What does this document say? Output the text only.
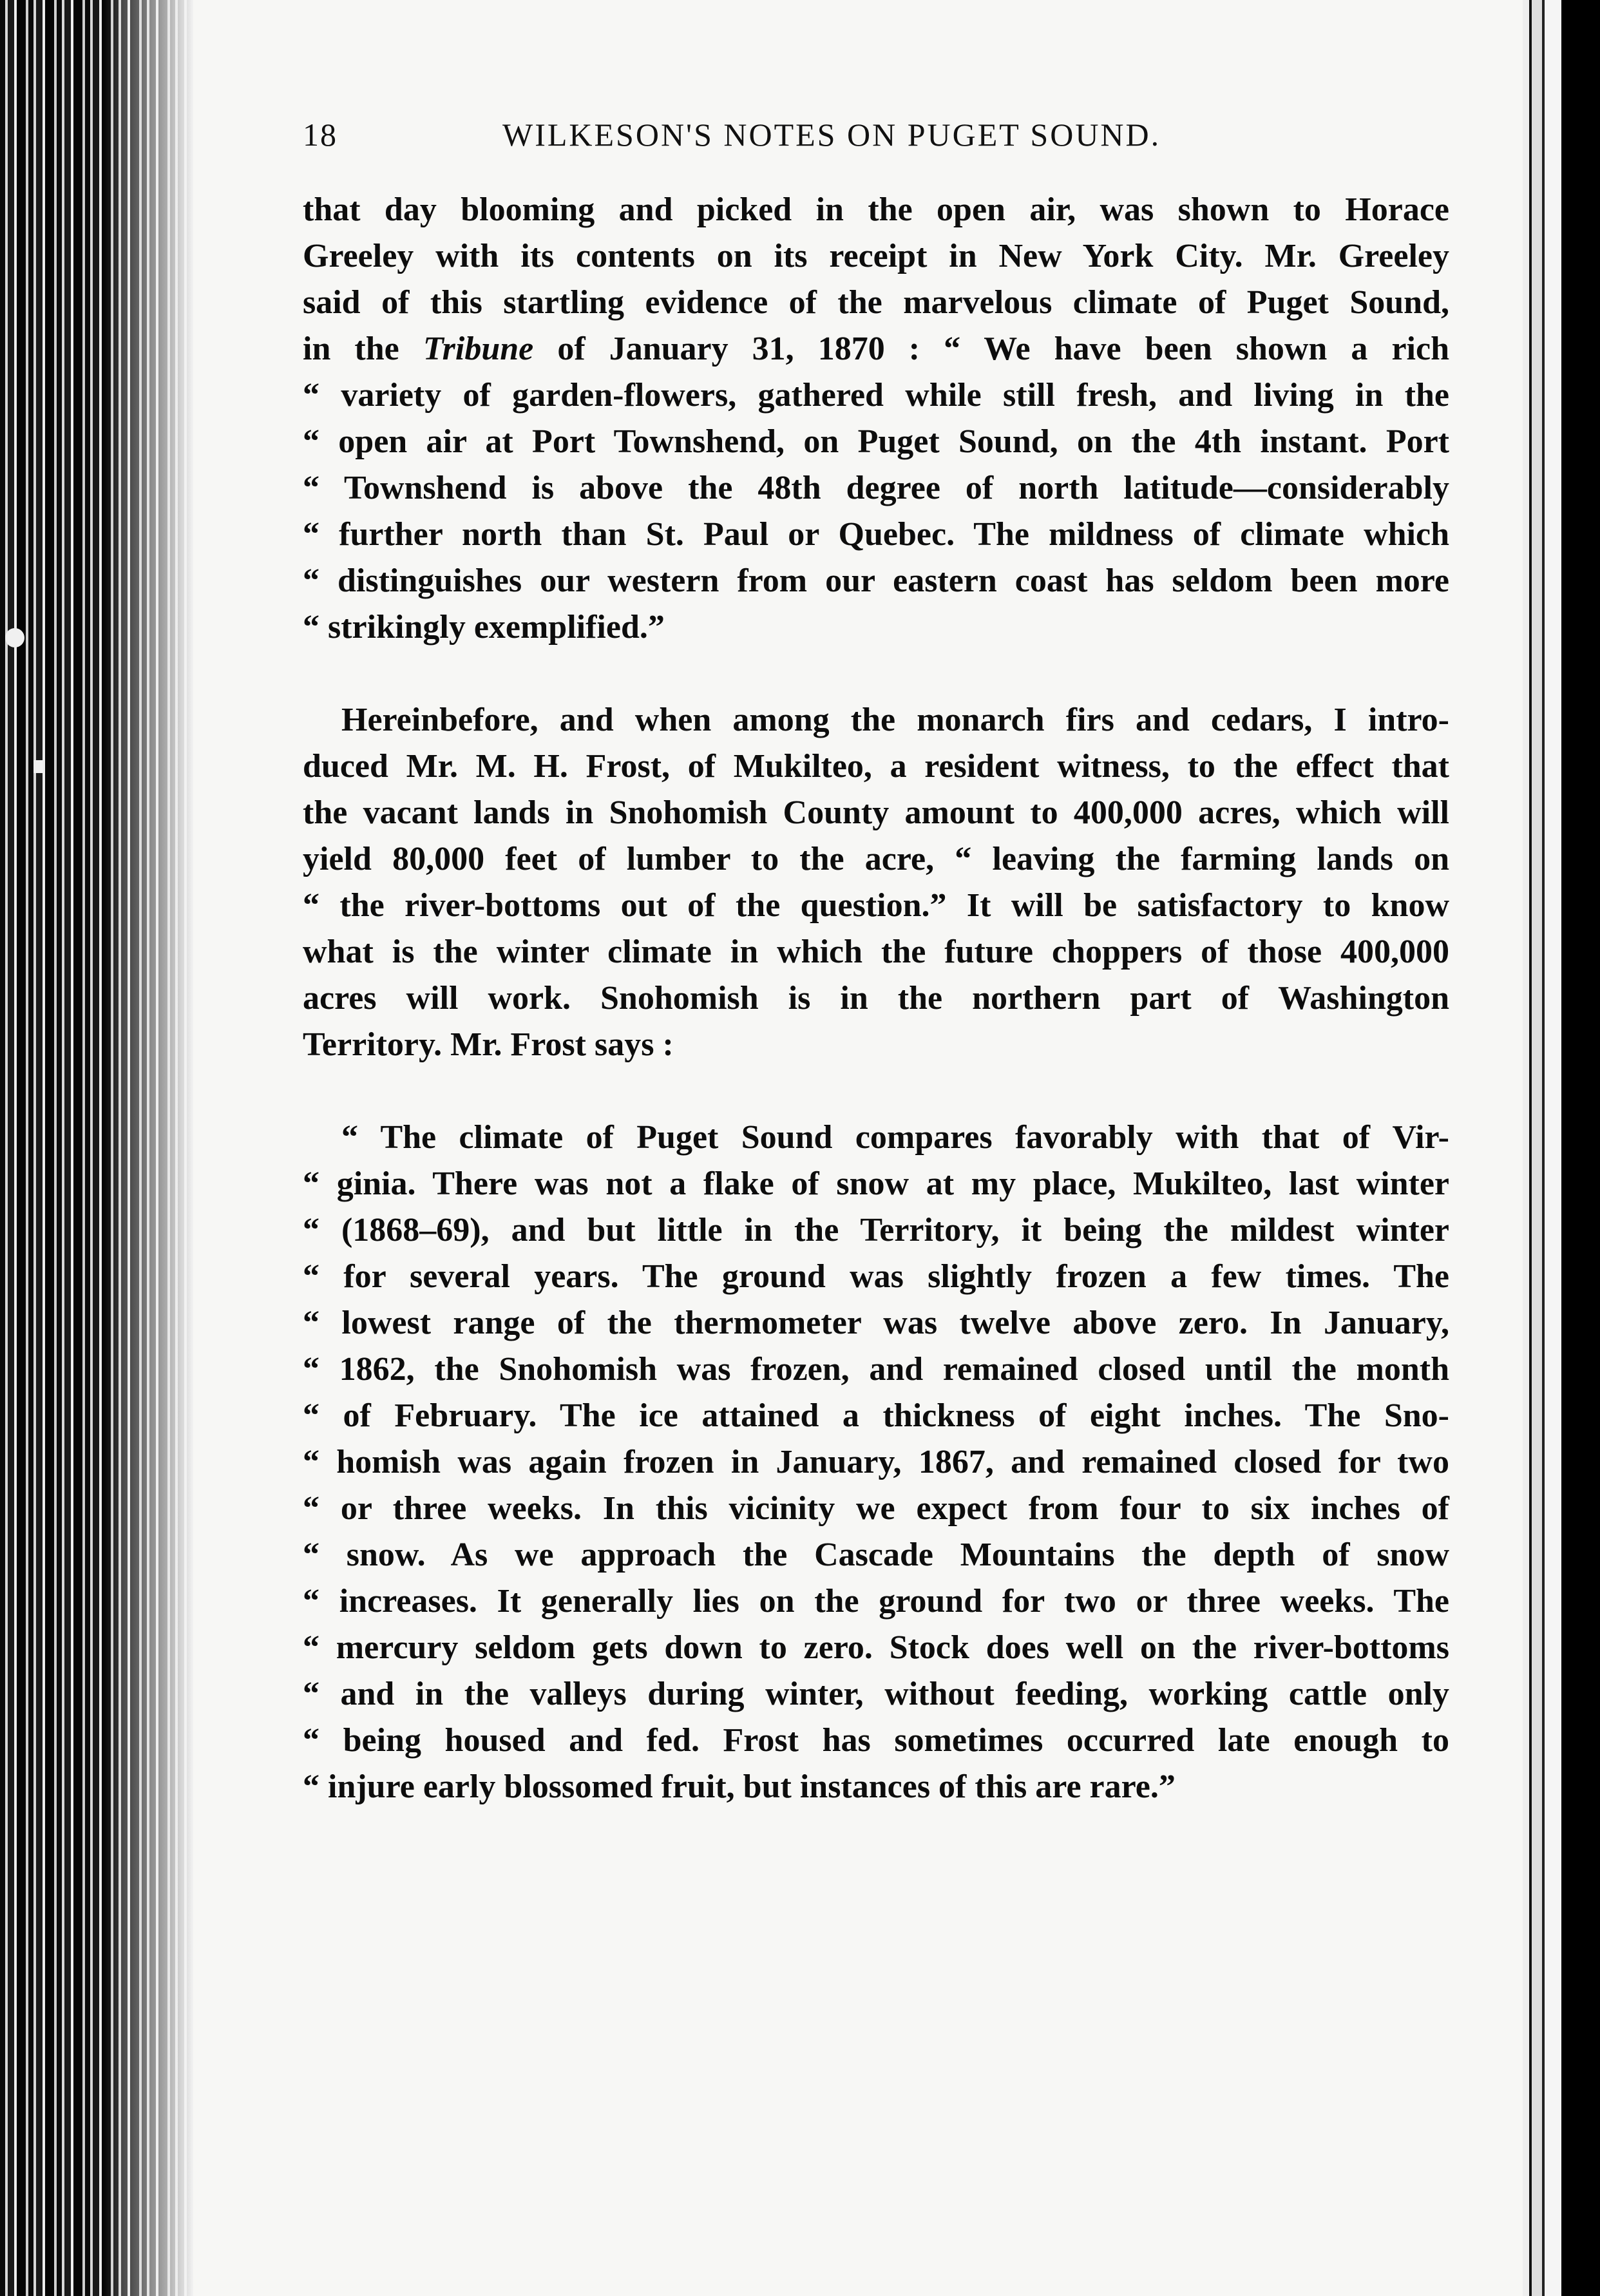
18	WILKESON'S NOTES ON PUGET SOUND.
that day blooming and picked in the open air, was shown to Horace
Greeley with its contents on its receipt in New York City. Mr. Greeley
said of this startling evidence of the marvelous climate of Puget Sound,
in the Tribune of January 31, 1870 : “ We have been shown a rich
“ variety of garden-flowers, gathered while still fresh, and living in the
“ open air at Port Townshend, on Puget Sound, on the 4th instant. Port
“ Townshend is above the 48th degree of north latitude—considerably
“ further north than St. Paul or Quebec. The mildness of climate which
“ distinguishes our western from our eastern coast has seldom been more
“ strikingly exemplified.”
Hereinbefore, and when among the monarch firs and cedars, I intro-
duced Mr. M. H. Frost, of Mukilteo, a resident witness, to the effect that
the vacant lands in Snohomish County amount to 400,000 acres, which will
yield 80,000 feet of lumber to the acre, “ leaving the farming lands on
“ the river-bottoms out of the question.” It will be satisfactory to know
what is the winter climate in which the future choppers of those 400,000
acres will work. Snohomish is in the northern part of Washington
Territory. Mr. Frost says :
“ The climate of Puget Sound compares favorably with that of Vir-
“ ginia. There was not a flake of snow at my place, Mukilteo, last winter
“ (1868–69), and but little in the Territory, it being the mildest winter
“ for several years. The ground was slightly frozen a few times. The
“ lowest range of the thermometer was twelve above zero. In January,
“ 1862, the Snohomish was frozen, and remained closed until the month
“ of February. The ice attained a thickness of eight inches. The Sno-
“ homish was again frozen in January, 1867, and remained closed for two
“ or three weeks. In this vicinity we expect from four to six inches of
“ snow. As we approach the Cascade Mountains the depth of snow
“ increases. It generally lies on the ground for two or three weeks. The
“ mercury seldom gets down to zero. Stock does well on the river-bottoms
“ and in the valleys during winter, without feeding, working cattle only
“ being housed and fed. Frost has sometimes occurred late enough to
“ injure early blossomed fruit, but instances of this are rare.”
